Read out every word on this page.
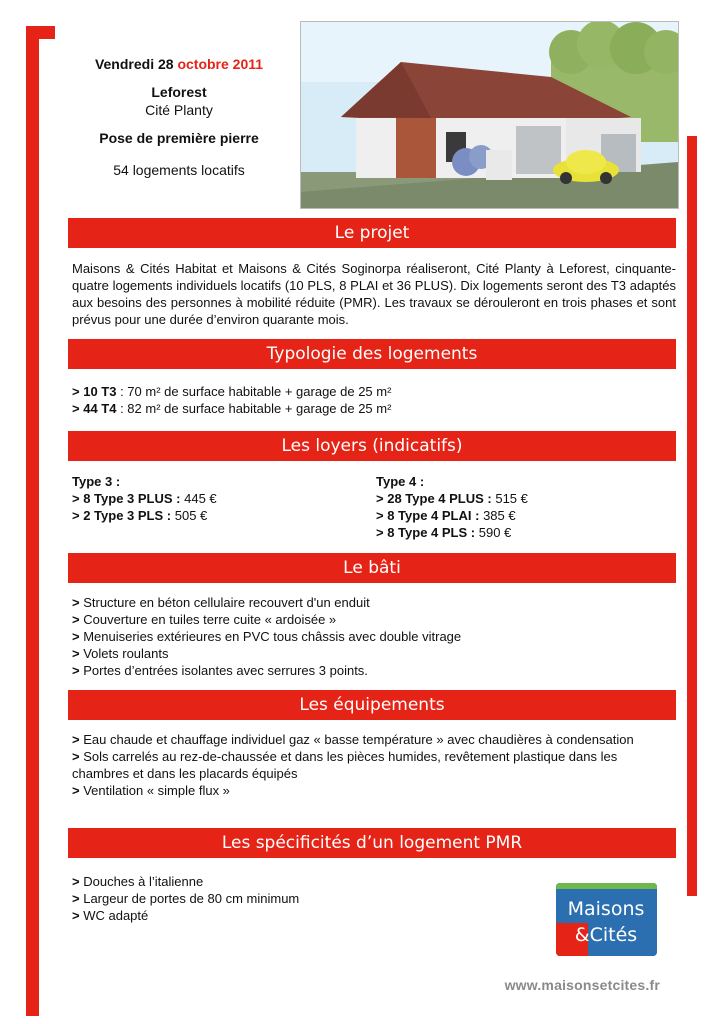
Vendredi 28 octobre 2011
Leforest
Cité Planty
Pose de première pierre
54 logements locatifs
Le projet
Maisons & Cités Habitat et Maisons & Cités Soginorpa réaliseront, Cité Planty à Leforest, cinquante-quatre logements individuels locatifs (10 PLS, 8 PLAI et 36 PLUS). Dix logements seront des T3 adaptés aux besoins des personnes à mobilité réduite (PMR). Les travaux se dérouleront en trois phases et sont prévus pour une durée d’environ quarante mois.
Typologie des logements
> 10 T3 : 70 m² de surface habitable + garage de 25 m²
> 44 T4 : 82 m² de surface habitable + garage de 25 m²
Les loyers (indicatifs)
Type 3 :
> 8 Type 3 PLUS : 445 €
> 2 Type 3 PLS : 505 €
Type 4 :
> 28 Type 4 PLUS : 515 €
> 8 Type 4 PLAI : 385 €
> 8 Type 4 PLS : 590 €
Le bâti
> Structure en béton cellulaire recouvert d'un enduit
> Couverture en tuiles terre cuite « ardoisée »
> Menuiseries extérieures en PVC tous châssis avec double vitrage
> Volets roulants
> Portes d’entrées isolantes avec serrures 3 points.
Les équipements
> Eau chaude et chauffage individuel gaz « basse température » avec chaudières à condensation
> Sols carrelés au rez-de-chaussée et dans les pièces humides, revêtement plastique dans les chambres et dans les placards équipés
> Ventilation « simple flux »
Les spécificités d’un logement PMR
> Douches à l’italienne
> Largeur de portes de 80 cm minimum
> WC adapté	Maisons
&Cités
www.maisonsetcites.fr
